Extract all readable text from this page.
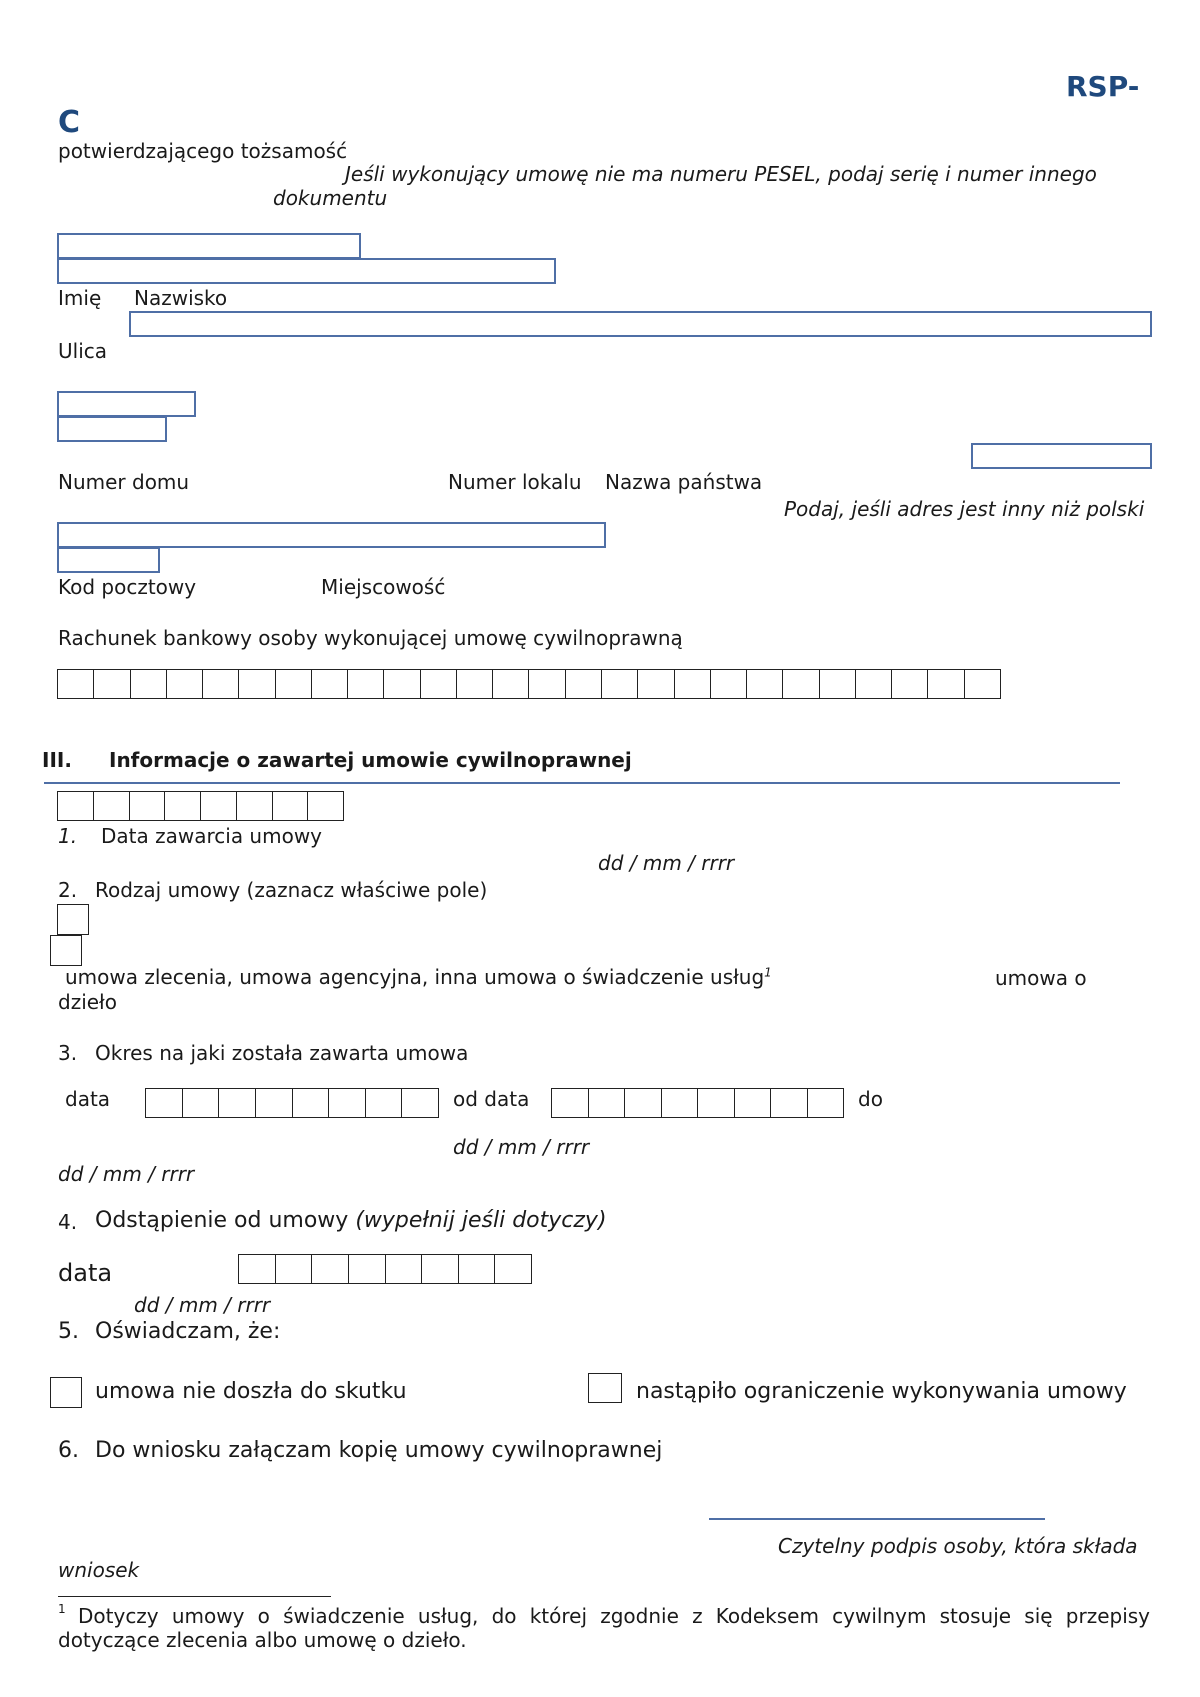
RSP-
C
potwierdzającego tożsamość
Jeśli wykonujący umowę nie ma numeru PESEL, podaj serię i numer innego
dokumentu
Imię Nazwisko
Ulica
Numer domu	Numer lokalu Nazwa państwa
Podaj, jeśli adres jest inny niż polski
Kod pocztowy	Miejscowość
Rachunek bankowy osoby wykonującej umowę cywilnoprawną
III. Informacje o zawartej umowie cywilnoprawnej
1. Data zawarcia umowy
dd / mm / rrrr
2. Rodzaj umowy (zaznacz właściwe pole)
umowa zlecenia, umowa agencyjna, inna umowa o świadczenie usług$^1$	umowa o
dzieło
3. Okres na jaki została zawarta umowa
data	od data	do
dd / mm / rrrr
dd / mm / rrrr
4. Odstąpienie od umowy (wypełnij jeśli dotyczy)
data
dd / mm / rrrr
5. Oświadczam, że:
umowa nie doszła do skutku	nastąpiło ograniczenie wykonywania umowy
6. Do wniosku załączam kopię umowy cywilnoprawnej
Czytelny podpis osoby, która składa
wniosek
1 Dotyczy umowy o świadczenie usług, do której zgodnie z Kodeksem cywilnym stosuje się przepisy
dotyczące zlecenia albo umowę o dzieło.
